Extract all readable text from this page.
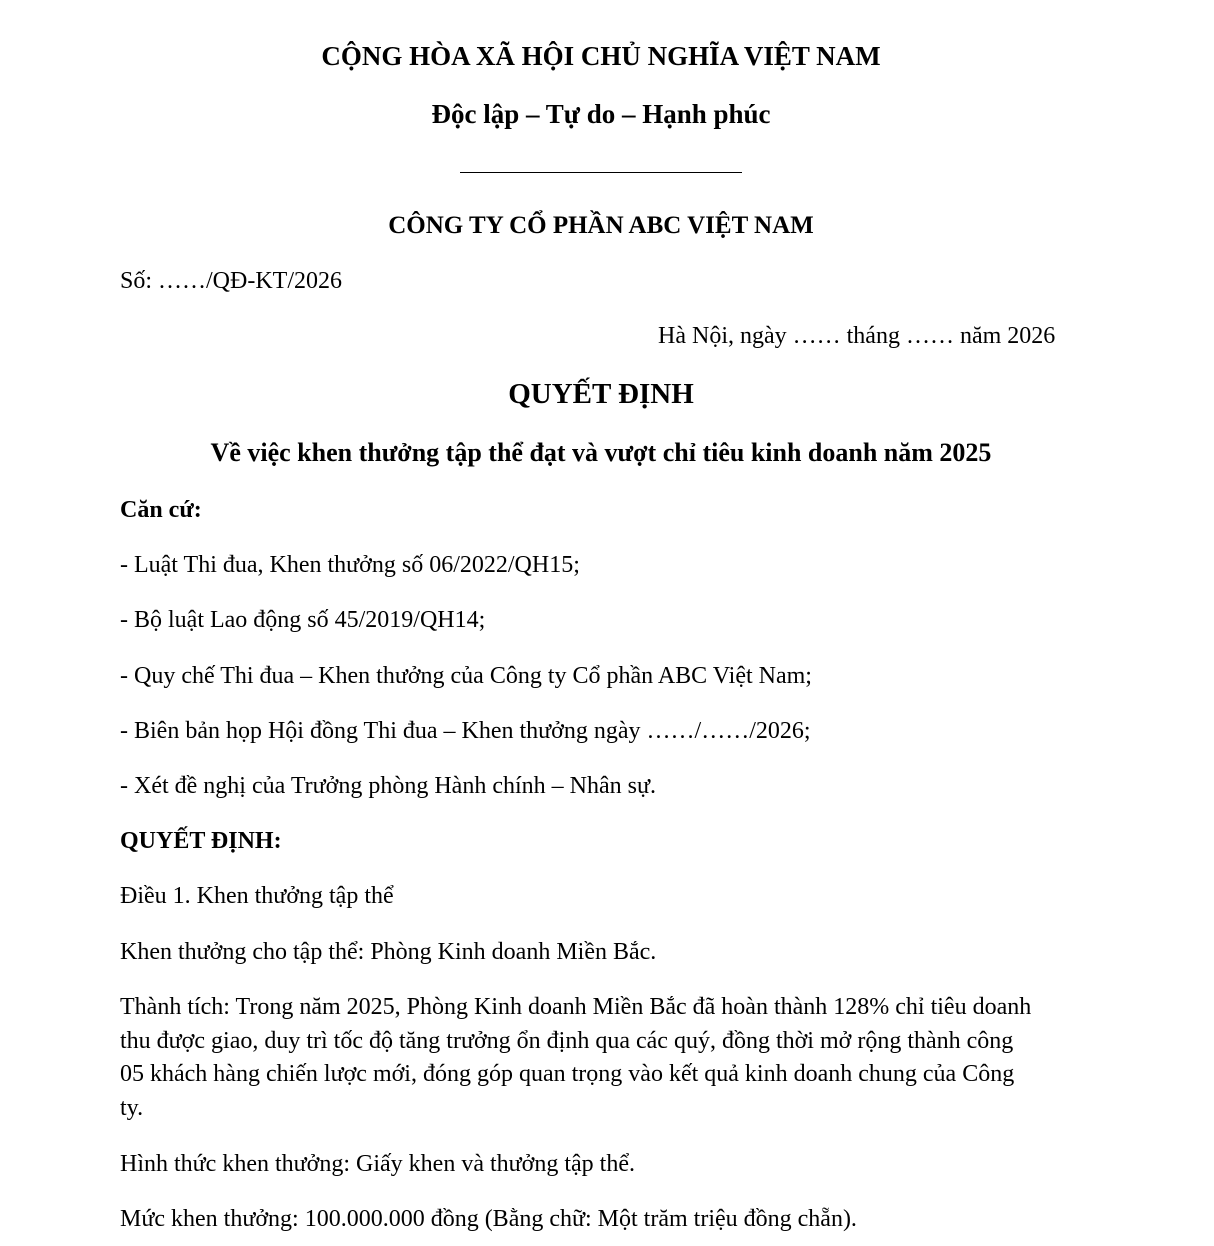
CỘNG HÒA XÃ HỘI CHỦ NGHĨA VIỆT NAM
Độc lập – Tự do – Hạnh phúc
CÔNG TY CỔ PHẦN ABC VIỆT NAM
Số: ……/QĐ-KT/2026
Hà Nội, ngày …… tháng …… năm 2026
QUYẾT ĐỊNH
Về việc khen thưởng tập thể đạt và vượt chỉ tiêu kinh doanh năm 2025
Căn cứ:
- Luật Thi đua, Khen thưởng số 06/2022/QH15;
- Bộ luật Lao động số 45/2019/QH14;
- Quy chế Thi đua – Khen thưởng của Công ty Cổ phần ABC Việt Nam;
- Biên bản họp Hội đồng Thi đua – Khen thưởng ngày ……/……/2026;
- Xét đề nghị của Trưởng phòng Hành chính – Nhân sự.
QUYẾT ĐỊNH:
Điều 1. Khen thưởng tập thể
Khen thưởng cho tập thể: Phòng Kinh doanh Miền Bắc.
Thành tích: Trong năm 2025, Phòng Kinh doanh Miền Bắc đã hoàn thành 128% chỉ tiêu doanh thu được giao, duy trì tốc độ tăng trưởng ổn định qua các quý, đồng thời mở rộng thành công 05 khách hàng chiến lược mới, đóng góp quan trọng vào kết quả kinh doanh chung của Công ty.
Hình thức khen thưởng: Giấy khen và thưởng tập thể.
Mức khen thưởng: 100.000.000 đồng (Bằng chữ: Một trăm triệu đồng chẵn).
